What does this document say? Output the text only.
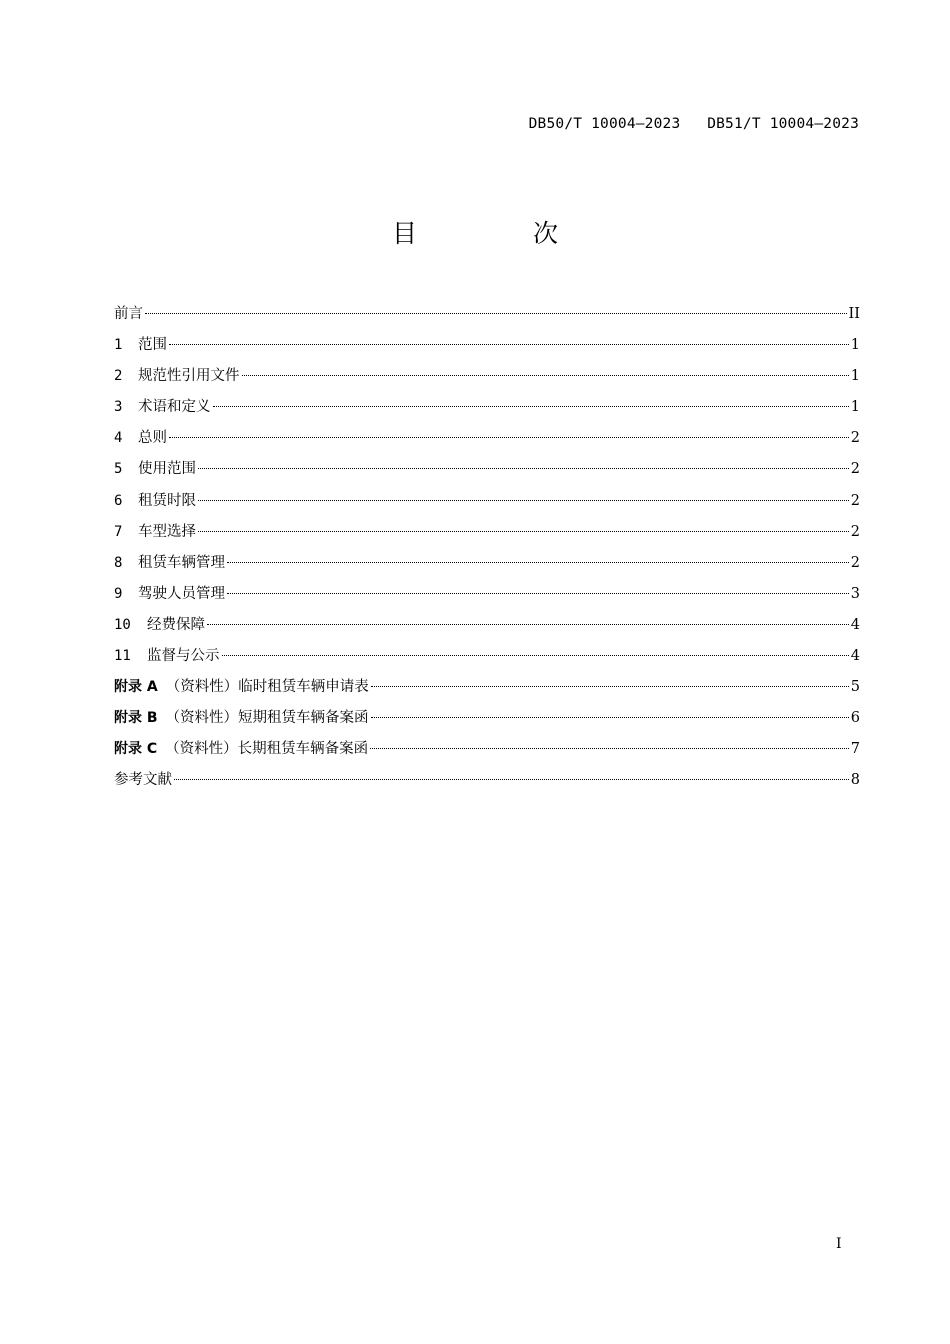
DB50/T 10004—2023   DB51/T 10004—2023
目 次
前言	II
1	范围	1
2	规范性引用文件	1
3	术语和定义	1
4	总则	2
5	使用范围	2
6	租赁时限	2
7	车型选择	2
8	租赁车辆管理	2
9	驾驶人员管理	3
10	经费保障	4
11	监督与公示	4
附录 A （资料性） 临时租赁车辆申请表	5
附录 B （资料性） 短期租赁车辆备案函	6
附录 C （资料性） 长期租赁车辆备案函	7
参考文献	8
I
